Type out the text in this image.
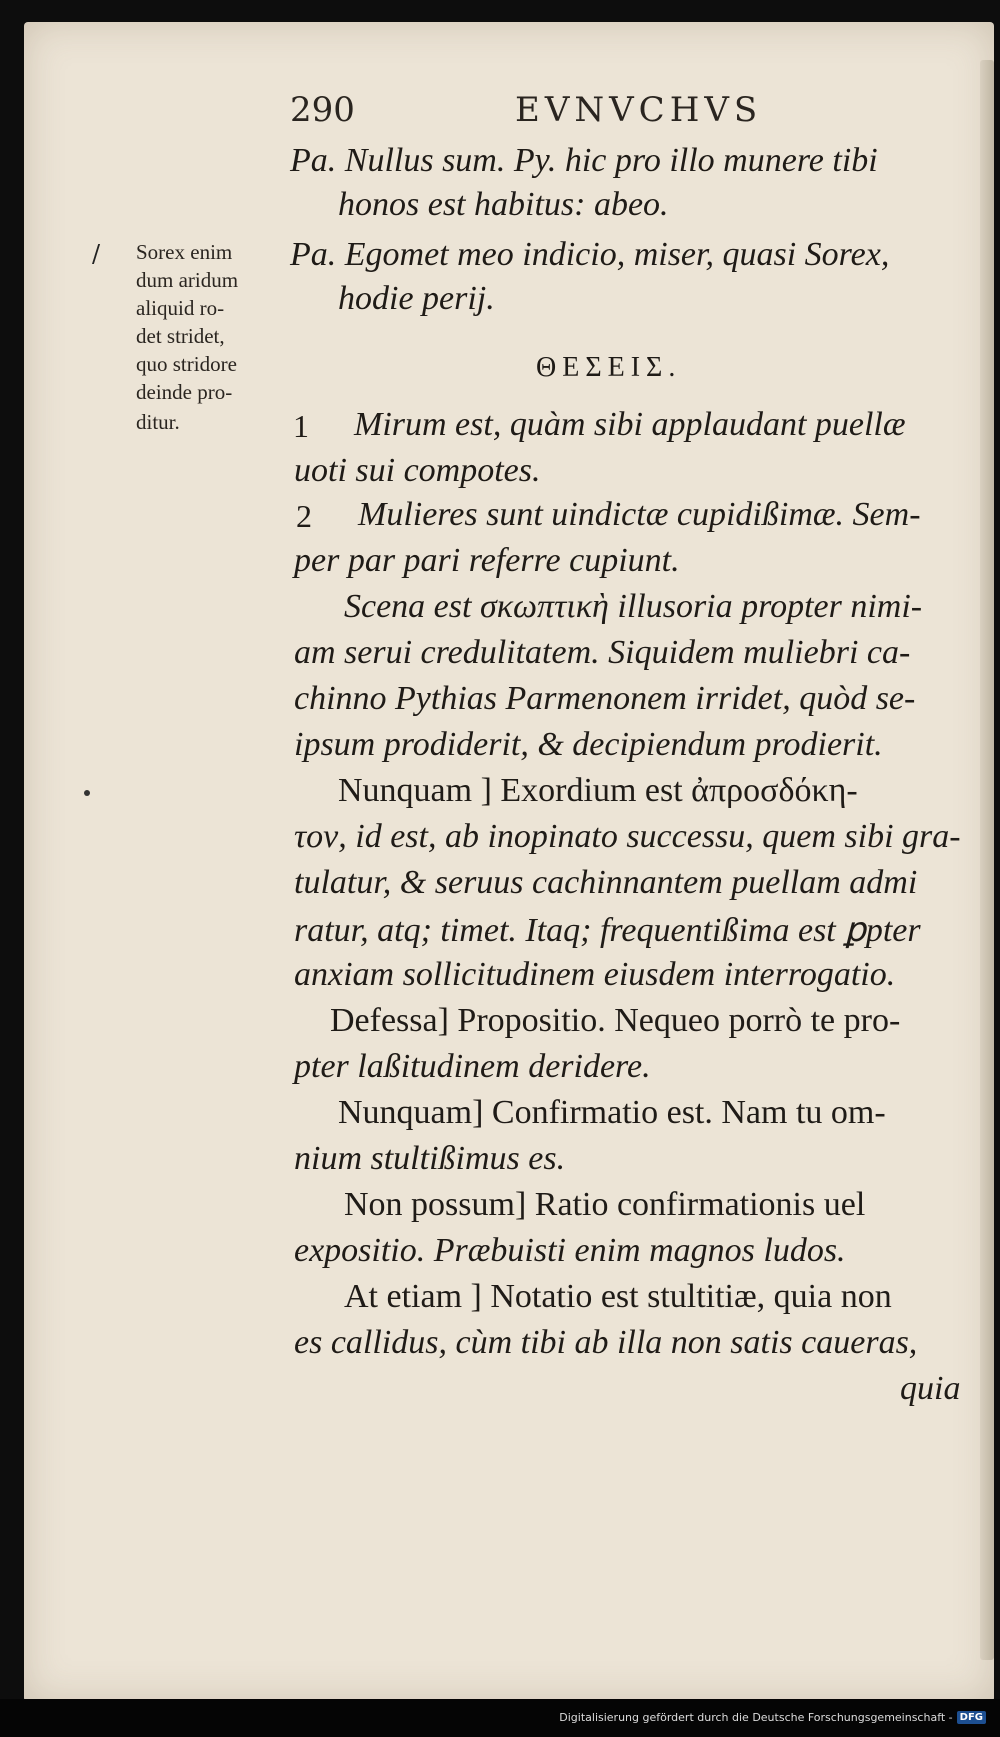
290	EVNVCHVS
Pa. Nullus sum. Py. hic pro illo munere tibi
honos est habitus: abeo.
Pa. Egomet meo indicio, miser, quasi Sorex,
hodie perij.
/ Sorex enim
dum aridum
aliquid ro-
det stridet,
quo stridore
deinde pro-
ditur.
ΘΕΣΕΙΣ.
1 Mirum est, quàm sibi applaudant puellæ
uoti sui compotes.
2 Mulieres sunt uindictæ cupidißimæ. Sem-
per par pari referre cupiunt.
Scena est σκωπτικὴ illusoria propter nimi-
am serui credulitatem. Siquidem muliebri ca-
chinno Pythias Parmenonem irridet, quòd se-
ipsum prodiderit, & decipiendum prodierit.
Nunquam ] Exordium est ἀπροσδόκη-
τον, id est, ab inopinato successu, quem sibi gra-
tulatur, & seruus cachinnantem puellam admi
ratur, atq; timet. Itaq; frequentißima est ꝑpter
anxiam sollicitudinem eiusdem interrogatio.
Defessa] Propositio. Nequeo porrò te pro-
pter laßitudinem deridere.
Nunquam] Confirmatio est. Nam tu om-
nium stultißimus es.
Non possum] Ratio confirmationis uel
expositio. Præbuisti enim magnos ludos.
At etiam ] Notatio est stultitiæ, quia non
es callidus, cùm tibi ab illa non satis caueras,
quia
Digitalisierung gefördert durch die Deutsche Forschungsgemeinschaft - DFG
